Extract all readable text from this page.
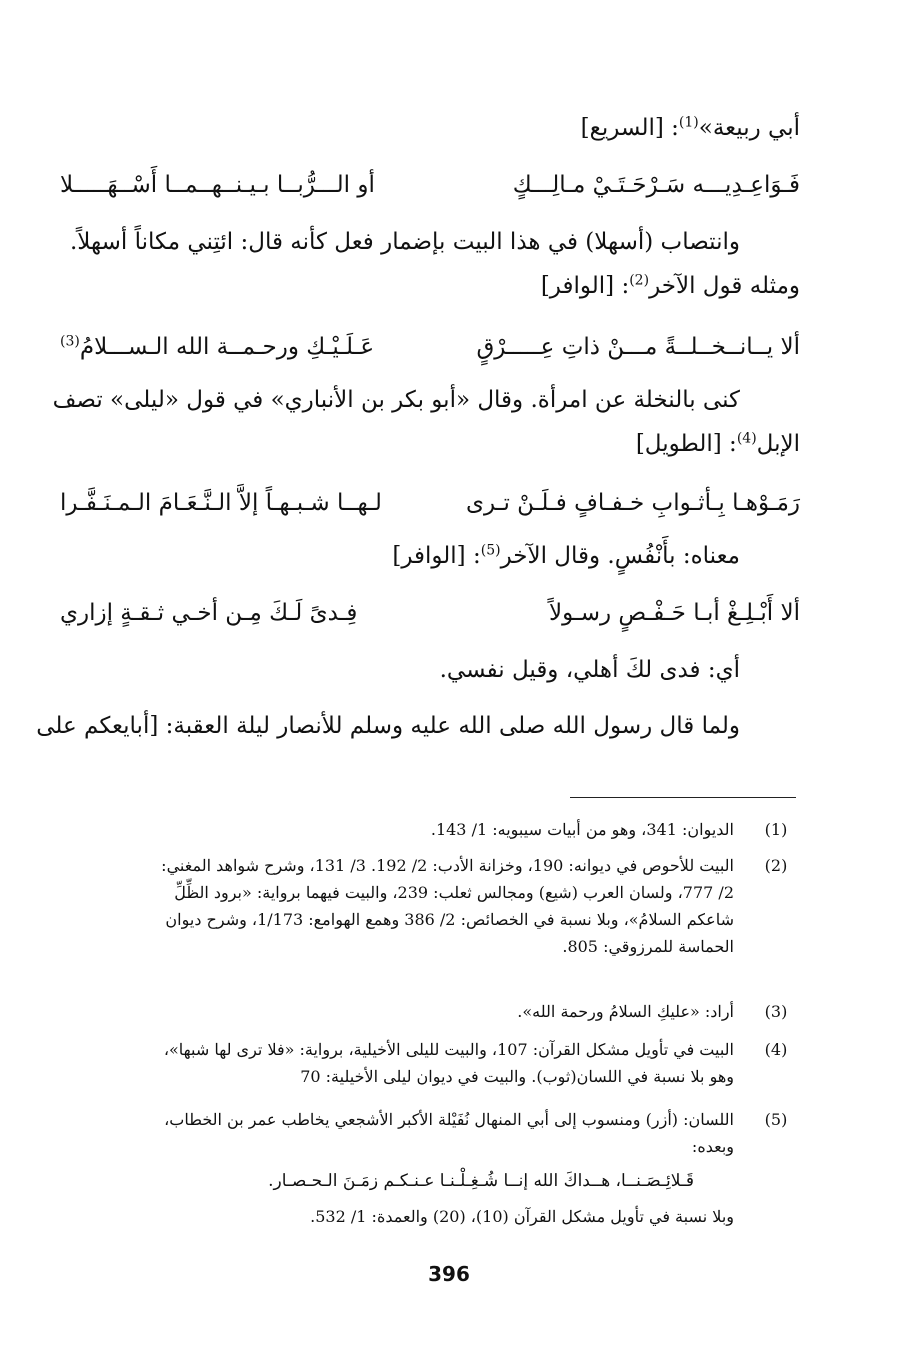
أبي ربيعة»$^{(1)}$: [السريع]
فَـوَاعِـدِيـــه سَـرْحَـتَـيْ مـالِـــكٍ
أو الـــرُّبــا بـيـنــهــمــا أَسْــهَـــــلا
وانتصاب (أسهلا) في هذا البيت بإضمار فعل كأنه قال: ائتِني مكاناً أسهلاً.
ومثله قول الآخر$^{(2)}$: [الوافر]
ألا يــانــخــلــةً مـــنْ ذاتِ عِـــــرْقٍ
عَـلَـيْـكِ ورحـمــة الله الـســـلامُ$^{(3)}$
كنى بالنخلة عن امرأة. وقال «أبو بكر بن الأنباري» في قول «ليلى» تصف
الإبل$^{(4)}$: [الطويل]
رَمَـوْهـا بِـأثـوابِ خـفـافٍ فـلَـنْ تـرى
لـهــا شـبـهـاً إلاَّ الـنَّـعَـامَ الـمـنَـفَّـرا
معناه: بأَنْفُسٍ. وقال الآخر$^{(5)}$: [الوافر]
ألا أَبْـلِـغْ أبـا حَـفْـصٍ رسـولاً
فِـدىً لَـكَ مِـن أخـي ثـقـةٍ إزاري
أي: فدى لكَ أهلي، وقيل نفسي.
ولما قال رسول الله صلى الله عليه وسلم للأنصار ليلة العقبة: [أبايعكم على
(1)
الديوان: 341، وهو من أبيات سيبويه: 1/ 143.
(2)
البيت للأحوص في ديوانه: 190، وخزانة الأدب: 2/ 192. 3/ 131، وشرح شواهد المغني:
2/ 777، ولسان العرب (شيع) ومجالس ثعلب: 239، والبيت فيهما برواية: «برود الظِّلِّ
شاعكم السلامُ»، وبلا نسبة في الخصائص: 2/ 386 وهمع الهوامع: 1/173، وشرح ديوان
الحماسة للمرزوقي: 805.
(3)
أراد: «عليكِ السلامُ ورحمة الله».
(4)
البيت في تأويل مشكل القرآن: 107، والبيت لليلى الأخيلية، برواية: «فلا ترى لها شبها»،
وهو بلا نسبة في اللسان(ثوب). والبيت في ديوان ليلى الأخيلية: 70
(5)
اللسان: (أزر) ومنسوب إلى أبي المنهال نُفَيْلة الأكبر الأشجعي يخاطب عمر بن الخطاب،
وبعده:
قَـلائِـصَـنــا، هــداكَ الله إنــا شُـغِـلْـنـا عـنـكـم زمَـنَ الـحـصـار.
وبلا نسبة في تأويل مشكل القرآن (10)، (20) والعمدة: 1/ 532.
396
